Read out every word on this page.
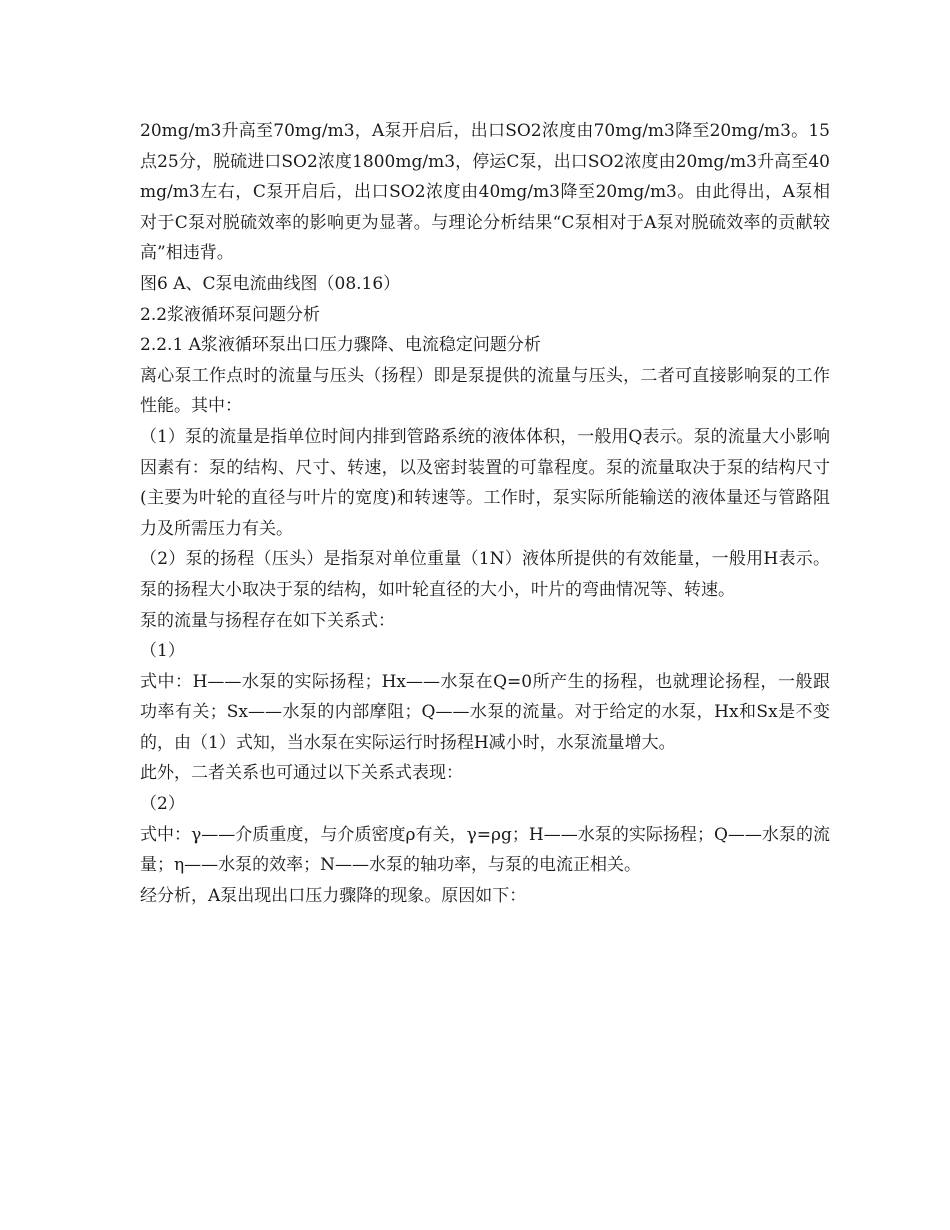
20mg/m3升高至70mg/m3，A泵开启后，出口SO2浓度由70mg/m3降至20mg/m3。15点25分，脱硫进口SO2浓度1800mg/m3，停运C泵，出口SO2浓度由20mg/m3升高至40mg/m3左右，C泵开启后，出口SO2浓度由40mg/m3降至20mg/m3。由此得出，A泵相对于C泵对脱硫效率的影响更为显著。与理论分析结果“C泵相对于A泵对脱硫效率的贡献较高”相违背。

图6 A、C泵电流曲线图（08.16）

2.2浆液循环泵问题分析

2.2.1 A浆液循环泵出口压力骤降、电流稳定问题分析

离心泵工作点时的流量与压头（扬程）即是泵提供的流量与压头，二者可直接影响泵的工作性能。其中：

（1）泵的流量是指单位时间内排到管路系统的液体体积，一般用Q表示。泵的流量大小影响因素有：泵的结构、尺寸、转速，以及密封装置的可靠程度。泵的流量取决于泵的结构尺寸(主要为叶轮的直径与叶片的宽度)和转速等。工作时，泵实际所能输送的液体量还与管路阻力及所需压力有关。

（2）泵的扬程（压头）是指泵对单位重量（1N）液体所提供的有效能量，一般用H表示。泵的扬程大小取决于泵的结构，如叶轮直径的大小，叶片的弯曲情况等、转速。

泵的流量与扬程存在如下关系式：

（1）

式中：H——水泵的实际扬程；Hx——水泵在Q=0所产生的扬程，也就理论扬程，一般跟功率有关；Sx——水泵的内部摩阻；Q——水泵的流量。对于给定的水泵，Hx和Sx是不变的，由（1）式知，当水泵在实际运行时扬程H减小时，水泵流量增大。

此外，二者关系也可通过以下关系式表现：

（2）

式中：γ——介质重度，与介质密度ρ有关，γ=ρg；H——水泵的实际扬程；Q——水泵的流量；η——水泵的效率；N——水泵的轴功率，与泵的电流正相关。

经分析，A泵出现出口压力骤降的现象。原因如下：
